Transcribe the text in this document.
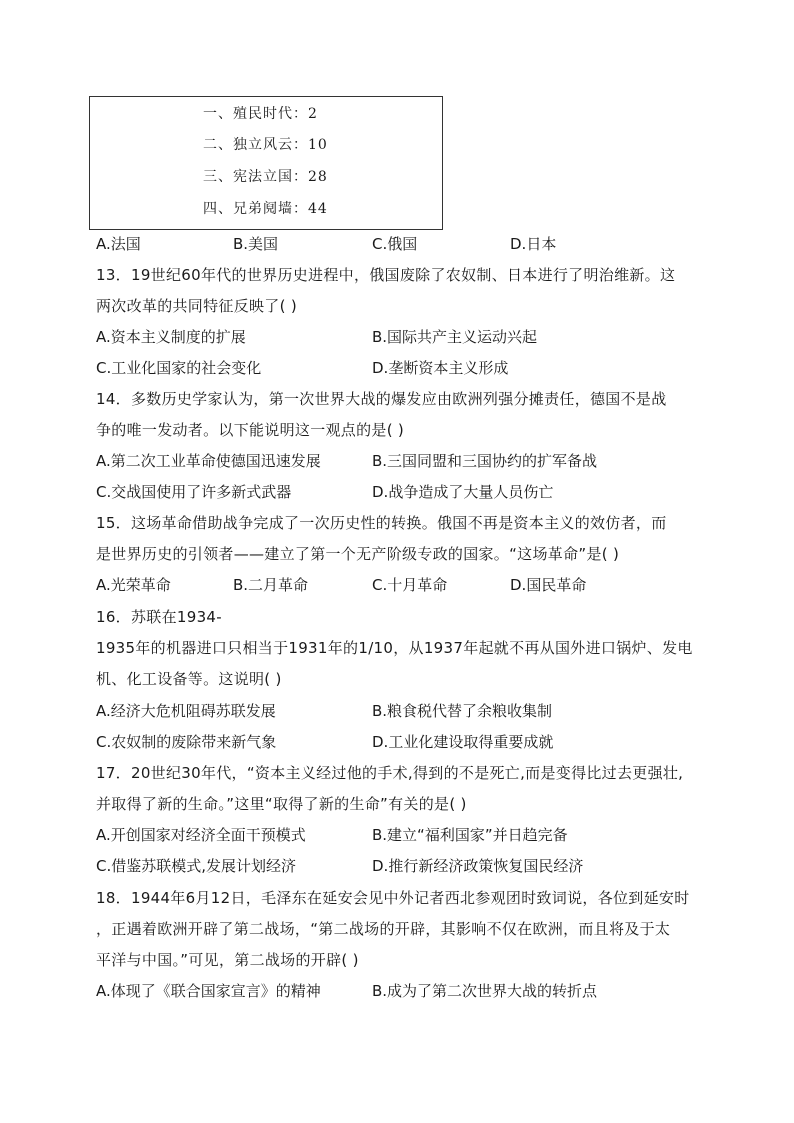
一、殖民时代：2
二、独立风云：10
三、宪法立国：28
四、兄弟阋墙：44
A.法国	B.美国	C.俄国	D.日本
13．19世纪60年代的世界历史进程中，俄国废除了农奴制、日本进行了明治维新。这
两次改革的共同特征反映了( )
A.资本主义制度的扩展	B.国际共产主义运动兴起
C.工业化国家的社会变化	D.垄断资本主义形成
14．多数历史学家认为，第一次世界大战的爆发应由欧洲列强分摊责任，德国不是战
争的唯一发动者。以下能说明这一观点的是( )
A.第二次工业革命使德国迅速发展	B.三国同盟和三国协约的扩军备战
C.交战国使用了许多新式武器	D.战争造成了大量人员伤亡
15．这场革命借助战争完成了一次历史性的转换。俄国不再是资本主义的效仿者，而
是世界历史的引领者——建立了第一个无产阶级专政的国家。“这场革命”是( )
A.光荣革命	B.二月革命	C.十月革命	D.国民革命
16．苏联在1934-
1935年的机器进口只相当于1931年的1/10，从1937年起就不再从国外进口锅炉、发电
机、化工设备等。这说明( )
A.经济大危机阻碍苏联发展	B.粮食税代替了余粮收集制
C.农奴制的废除带来新气象	D.工业化建设取得重要成就
17．20世纪30年代，“资本主义经过他的手术,得到的不是死亡,而是变得比过去更强壮,
并取得了新的生命。”这里“取得了新的生命”有关的是( )
A.开创国家对经济全面干预模式	B.建立“福利国家”并日趋完备
C.借鉴苏联模式,发展计划经济	D.推行新经济政策恢复国民经济
18．1944年6月12日，毛泽东在延安会见中外记者西北参观团时致词说，各位到延安时
，正遇着欧洲开辟了第二战场，“第二战场的开辟，其影响不仅在欧洲，而且将及于太
平洋与中国。”可见，第二战场的开辟( )
A.体现了《联合国家宣言》的精神	B.成为了第二次世界大战的转折点
